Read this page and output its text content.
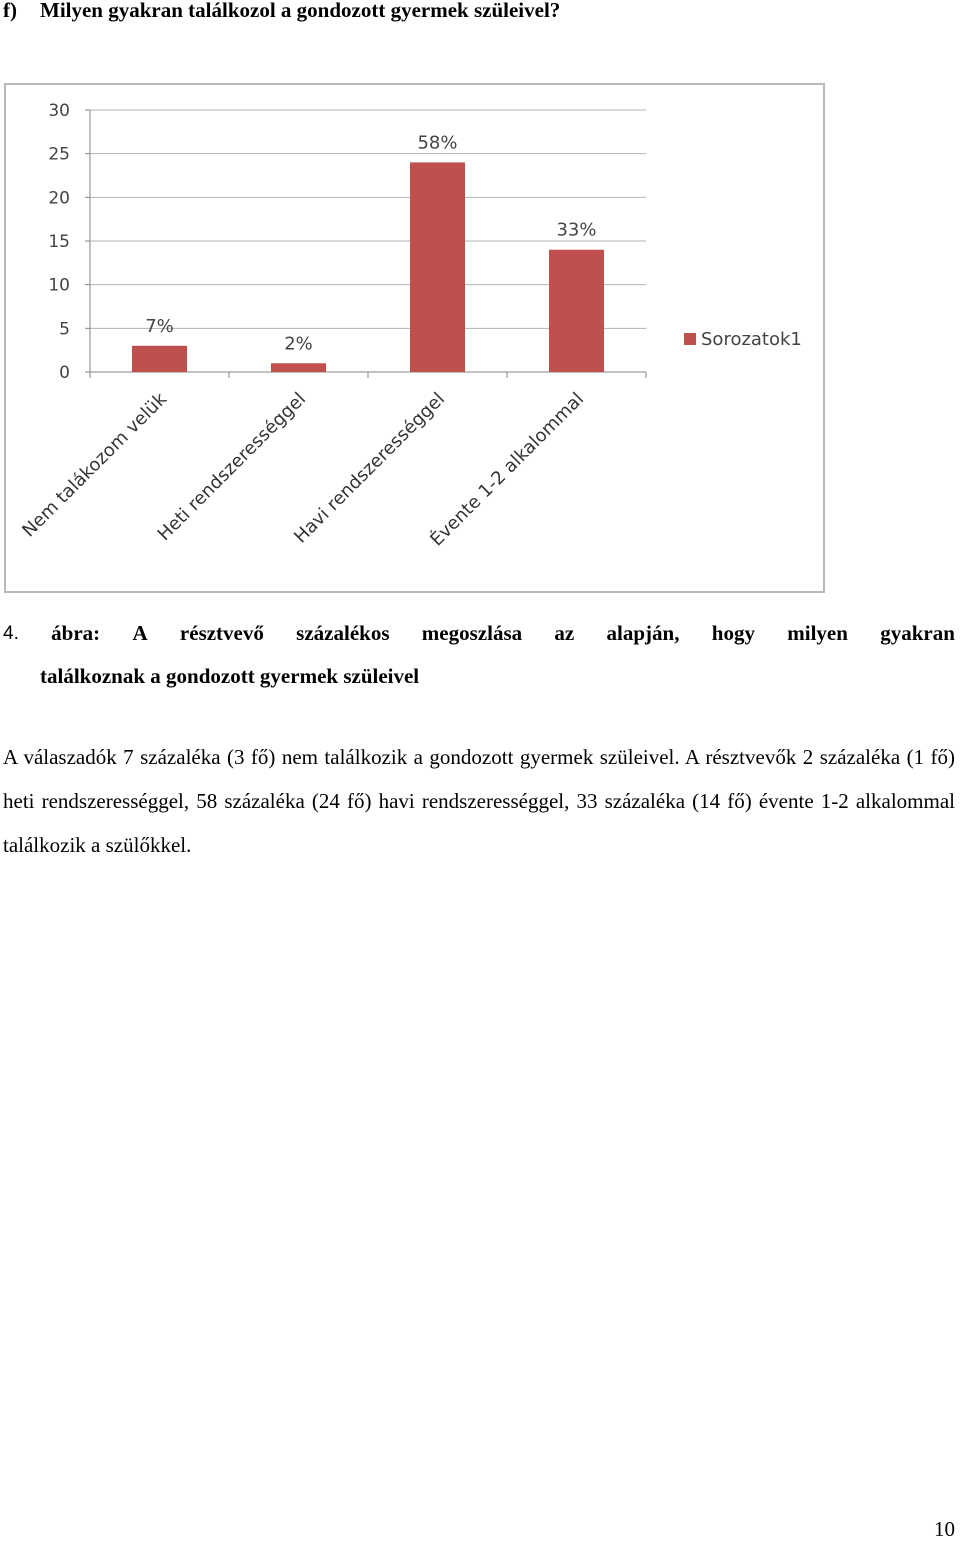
f) Milyen gyakran találkozol a gondozott gyermek szüleivel?
0
5
10
15
20
25
30
7%
Nem talákozom velük
2%
Heti rendszerességgel
58%
Havi rendszerességgel
33%
Évente 1-2 alkalommal
Sorozatok1
4. ábra: A résztvevő százalékos megoszlása az alapján, hogy milyen gyakran
találkoznak a gondozott gyermek szüleivel
A válaszadók 7 százaléka (3 fő) nem találkozik a gondozott gyermek szüleivel. A résztvevők 2 százaléka (1 fő) heti rendszerességgel, 58 százaléka (24 fő) havi rendszerességgel, 33 százaléka (14 fő) évente 1-2 alkalommal találkozik a szülőkkel.
10
